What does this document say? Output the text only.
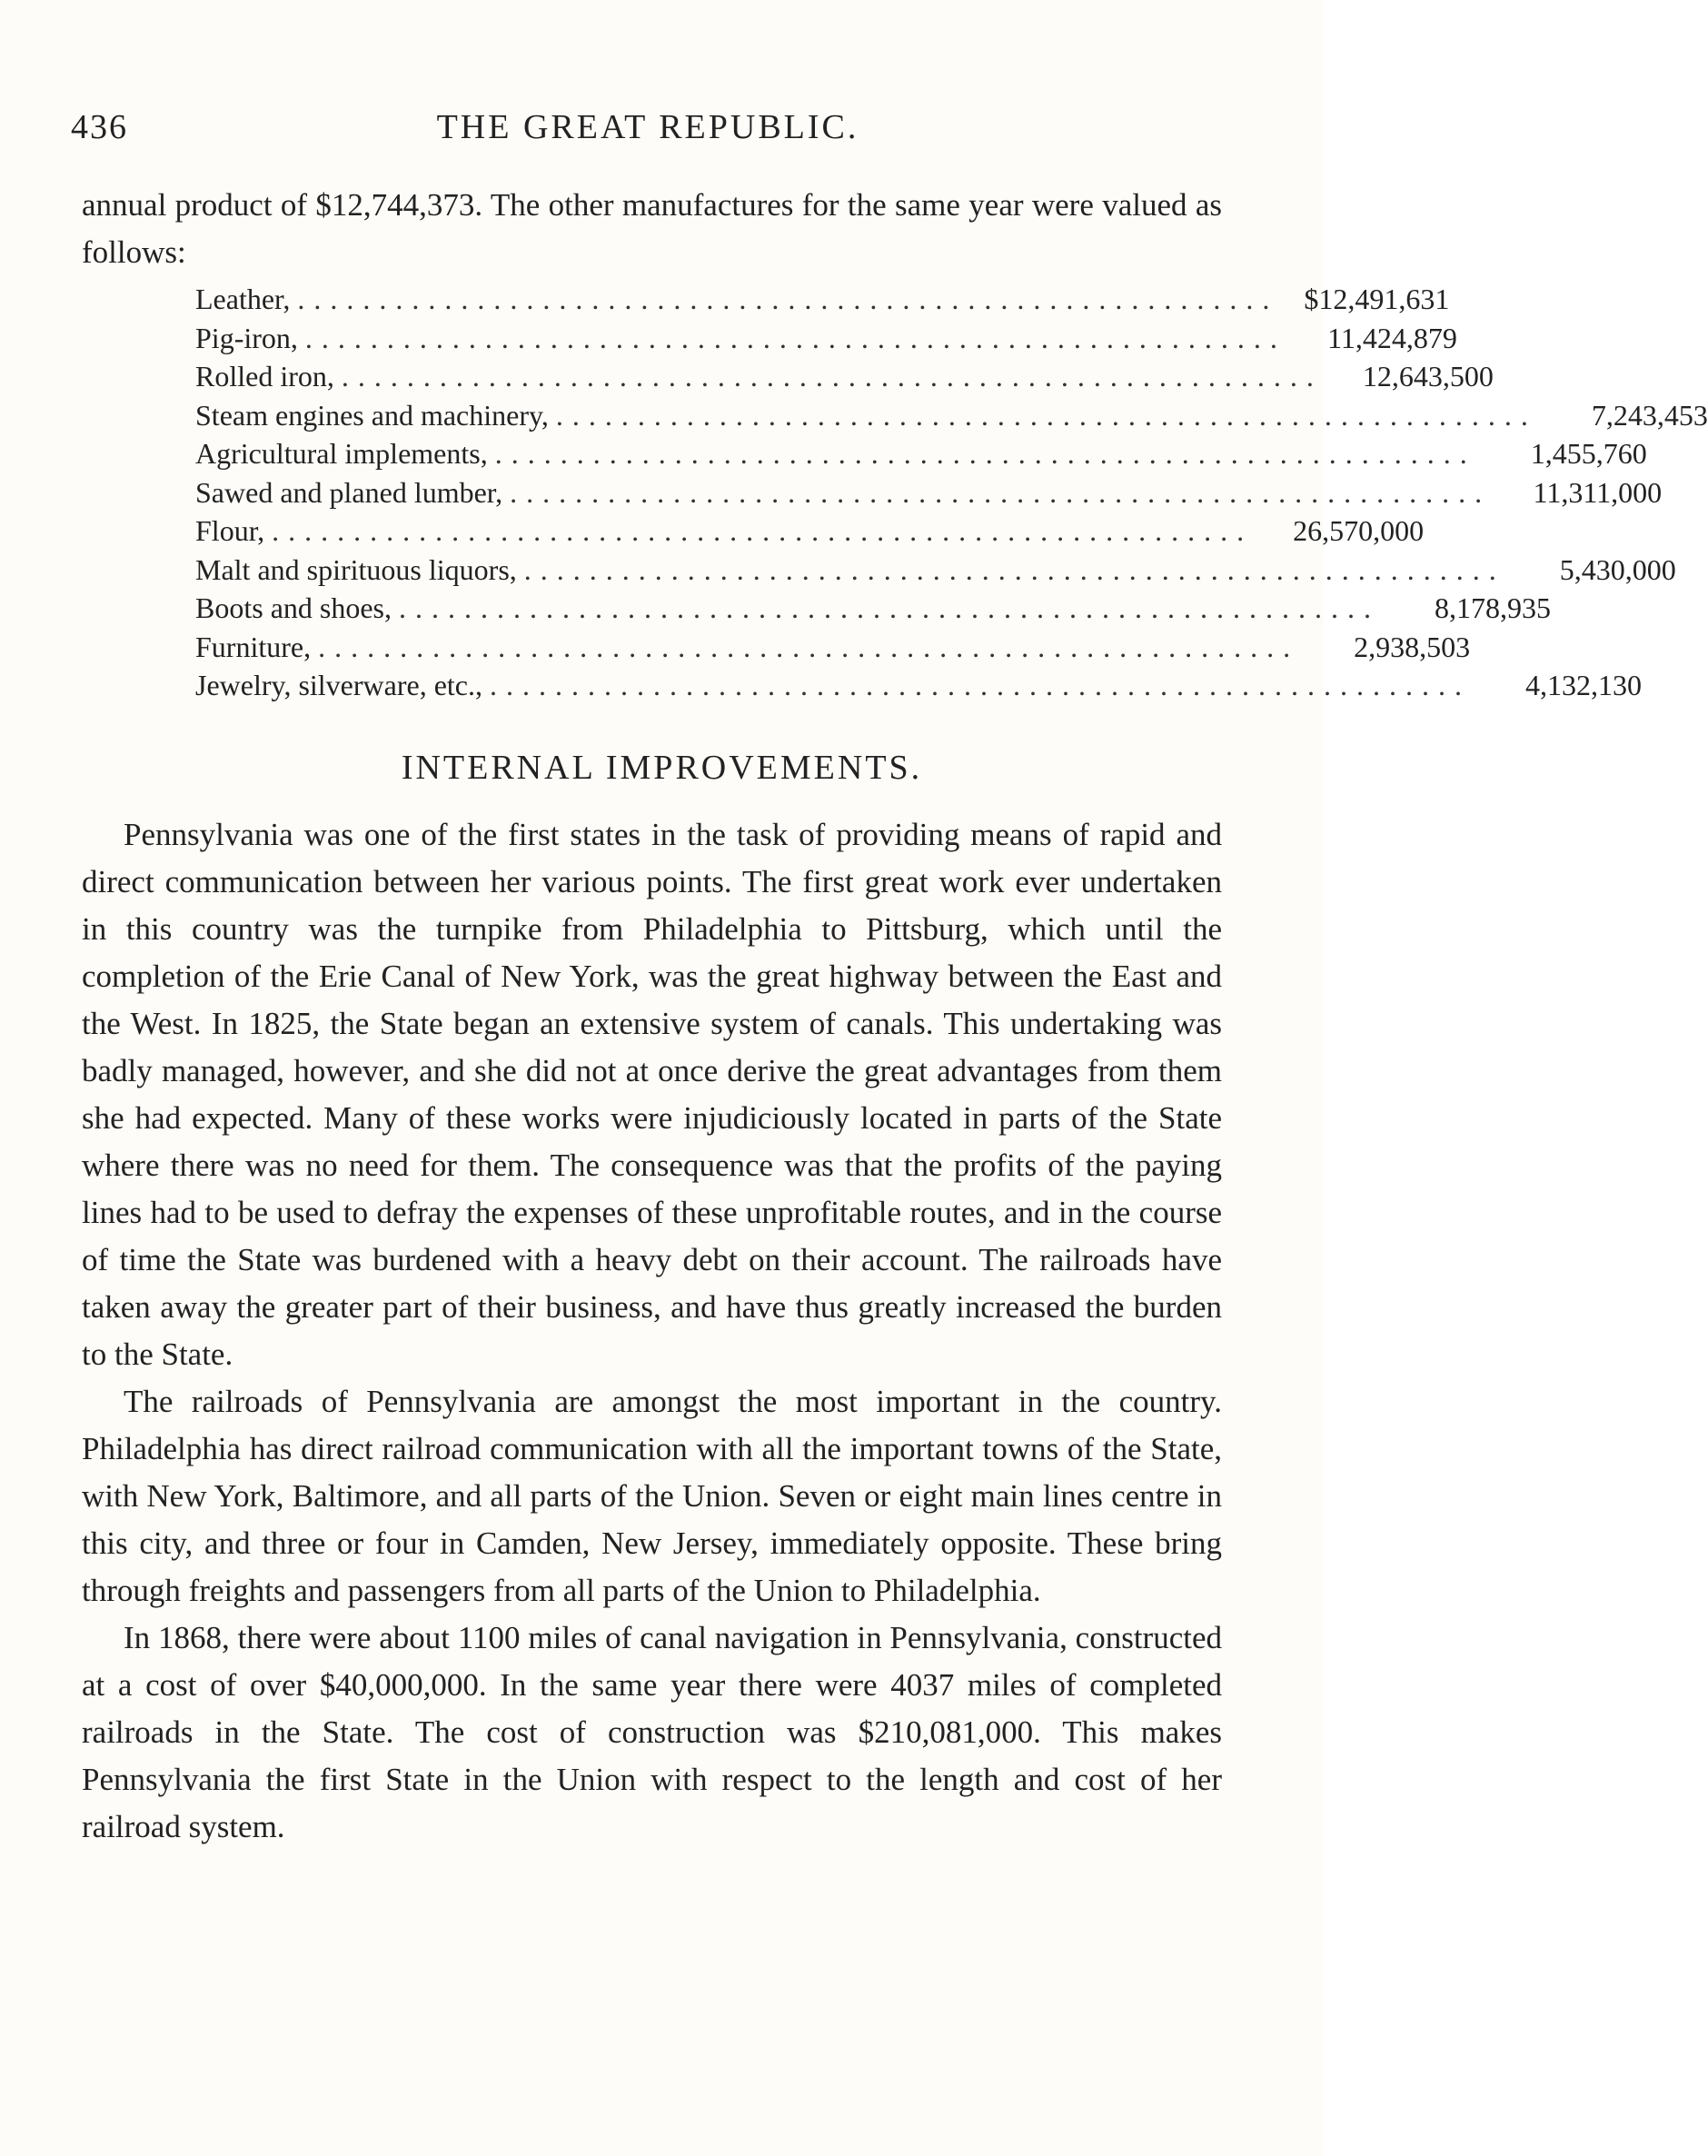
436	THE GREAT REPUBLIC.

annual product of $12,744,373. The other manufactures for the same year were valued as follows:

Leather, ............................................................ $12,491,631
Pig-iron, ............................................................	11,424,879
Rolled iron, ............................................................	12,643,500
Steam engines and machinery, ............................................................	7,243,453
Agricultural implements, ............................................................	1,455,760
Sawed and planed lumber, ............................................................	11,311,000
Flour, ............................................................	26,570,000
Malt and spirituous liquors, ............................................................	5,430,000
Boots and shoes, ............................................................	8,178,935
Furniture, ............................................................	2,938,503
Jewelry, silverware, etc., ............................................................	4,132,130
INTERNAL IMPROVEMENTS.

Pennsylvania was one of the first states in the task of providing means of rapid and direct communication between her various points. The first great work ever undertaken in this country was the turnpike from Philadelphia to Pittsburg, which until the completion of the Erie Canal of New York, was the great highway between the East and the West. In 1825, the State began an extensive system of canals. This undertaking was badly managed, however, and she did not at once derive the great advantages from them she had expected. Many of these works were injudiciously located in parts of the State where there was no need for them. The consequence was that the profits of the paying lines had to be used to defray the expenses of these unprofitable routes, and in the course of time the State was burdened with a heavy debt on their account. The railroads have taken away the greater part of their business, and have thus greatly increased the burden to the State.

The railroads of Pennsylvania are amongst the most important in the country. Philadelphia has direct railroad communication with all the important towns of the State, with New York, Baltimore, and all parts of the Union. Seven or eight main lines centre in this city, and three or four in Camden, New Jersey, immediately opposite. These bring through freights and passengers from all parts of the Union to Philadelphia.

In 1868, there were about 1100 miles of canal navigation in Pennsylvania, constructed at a cost of over $40,000,000. In the same year there were 4037 miles of completed railroads in the State. The cost of construction was $210,081,000. This makes Pennsylvania the first State in the Union with respect to the length and cost of her railroad system.
